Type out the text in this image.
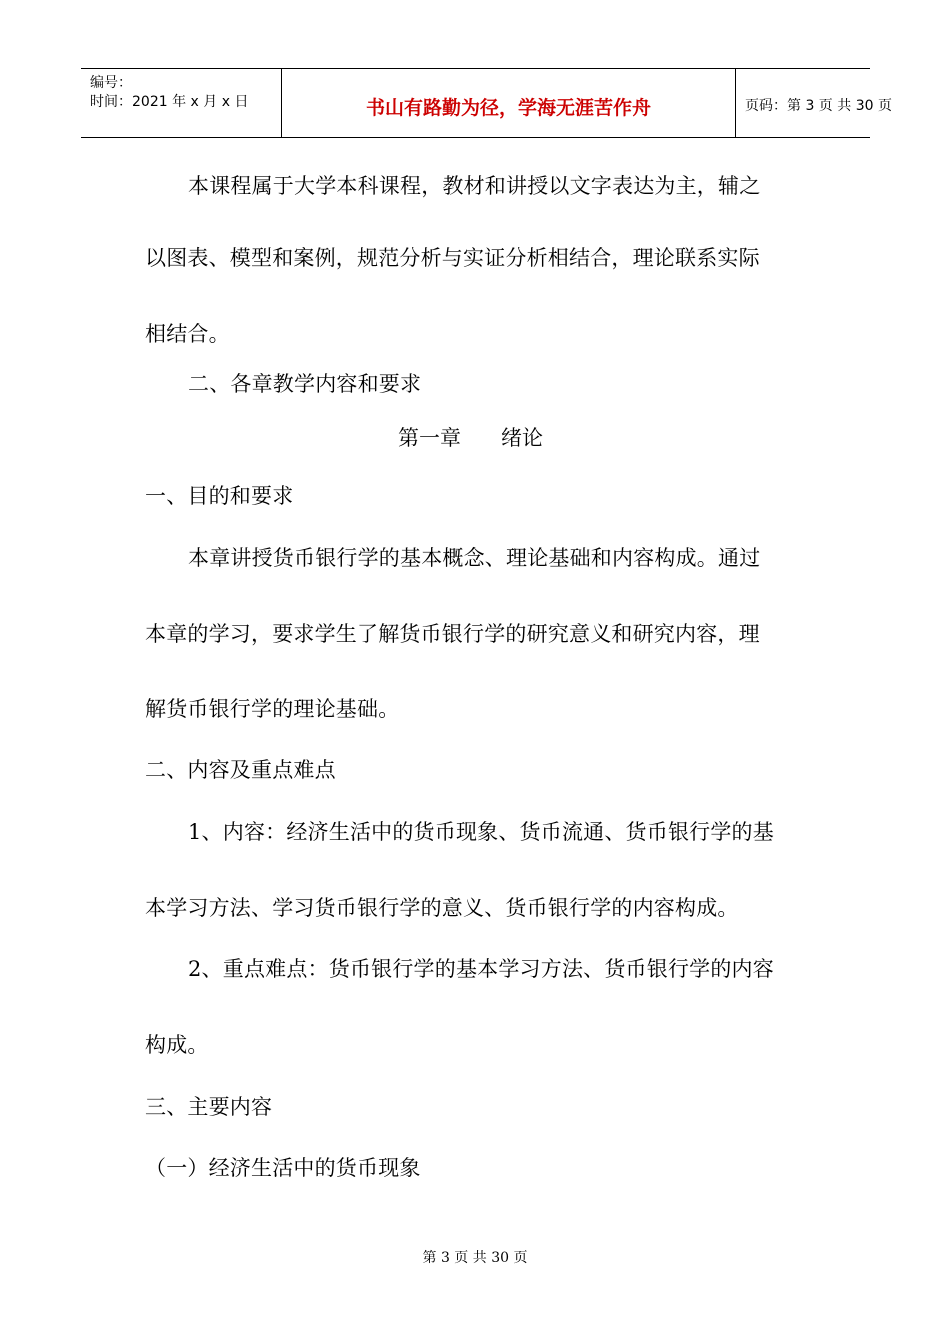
编号：
时间：2021 年 x 月 x 日	书山有路勤为径，学海无涯苦作舟	页码：第 3 页 共 30 页
本课程属于大学本科课程，教材和讲授以文字表达为主，辅之
以图表、模型和案例，规范分析与实证分析相结合，理论联系实际
相结合。
二、各章教学内容和要求
第一章      绪论
一、目的和要求
本章讲授货币银行学的基本概念、理论基础和内容构成。通过
本章的学习，要求学生了解货币银行学的研究意义和研究内容，理
解货币银行学的理论基础。
二、内容及重点难点
1、内容：经济生活中的货币现象、货币流通、货币银行学的基
本学习方法、学习货币银行学的意义、货币银行学的内容构成。
2、重点难点：货币银行学的基本学习方法、货币银行学的内容
构成。
三、主要内容
（一）经济生活中的货币现象
第 3 页 共 30 页
